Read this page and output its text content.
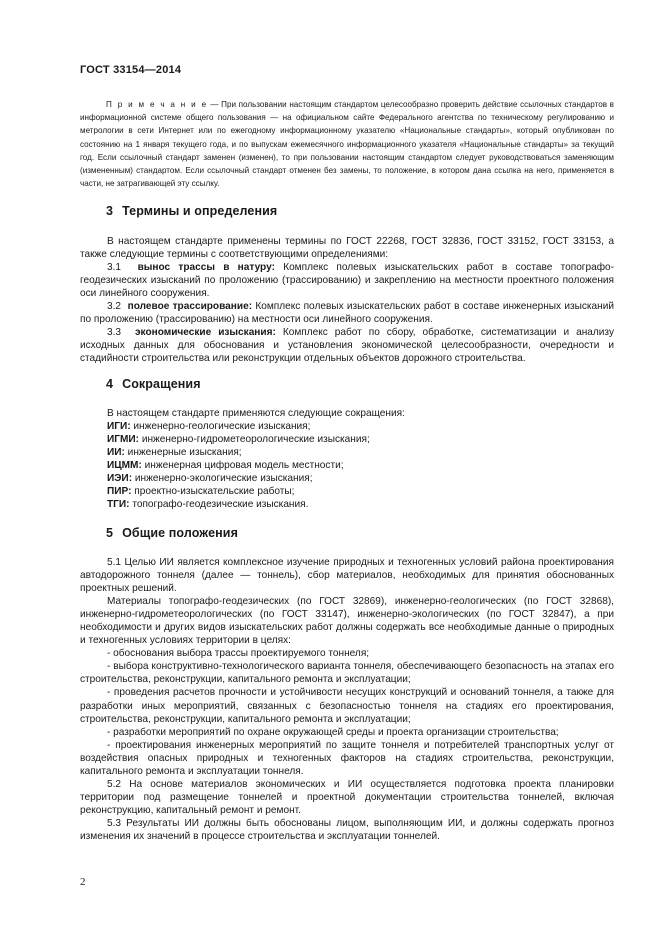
ГОСТ 33154—2014
П р и м е ч а н и е — При пользовании настоящим стандартом целесообразно проверить действие ссылочных стандартов в информационной системе общего пользования — на официальном сайте Федерального агентства по техническому регулированию и метрологии в сети Интернет или по ежегодному информационному указателю «Национальные стандарты», который опубликован по состоянию на 1 января текущего года, и по выпускам ежемесячного информационного указателя «Национальные стандарты» за текущий год. Если ссылочный стандарт заменен (изменен), то при пользовании настоящим стандартом следует руководствоваться заменяющим (измененным) стандартом. Если ссылочный стандарт отменен без замены, то положение, в котором дана ссылка на него, применяется в части, не затрагивающей эту ссылку.
3 Термины и определения

В настоящем стандарте применены термины по ГОСТ 22268, ГОСТ 32836, ГОСТ 33152, ГОСТ 33153, а также следующие термины с соответствующими определениями:

3.1 вынос трассы в натуру: Комплекс полевых изыскательских работ в составе топографо-геодезических изысканий по проложению (трассированию) и закреплению на местности проектного положения оси линейного сооружения.

3.2 полевое трассирование: Комплекс полевых изыскательских работ в составе инженерных изысканий по проложению (трассированию) на местности оси линейного сооружения.

3.3 экономические изыскания: Комплекс работ по сбору, обработке, систематизации и анализу исходных данных для обоснования и установления экономической целесообразности, очередности и стадийности строительства или реконструкции отдельных объектов дорожного строительства.

4 Сокращения

В настоящем стандарте применяются следующие сокращения:

ИГИ: инженерно-геологические изыскания;

ИГМИ: инженерно-гидрометеорологические изыскания;

ИИ: инженерные изыскания;

ИЦММ: инженерная цифровая модель местности;

ИЭИ: инженерно-экологические изыскания;

ПИР: проектно-изыскательские работы;

ТГИ: топографо-геодезические изыскания.

5 Общие положения

5.1 Целью ИИ является комплексное изучение природных и техногенных условий района проектирования автодорожного тоннеля (далее — тоннель), сбор материалов, необходимых для принятия обоснованных проектных решений.

Материалы топографо-геодезических (по ГОСТ 32869), инженерно-геологических (по ГОСТ 32868), инженерно-гидрометеорологических (по ГОСТ 33147), инженерно-экологических (по ГОСТ 32847), а при необходимости и других видов изыскательских работ должны содержать все необходимые данные о природных и техногенных условиях территории в целях:

- обоснования выбора трассы проектируемого тоннеля;

- выбора конструктивно-технологического варианта тоннеля, обеспечивающего безопасность на этапах его строительства, реконструкции, капитального ремонта и эксплуатации;

- проведения расчетов прочности и устойчивости несущих конструкций и оснований тоннеля, а также для разработки иных мероприятий, связанных с безопасностью тоннеля на стадиях его проектирования, строительства, реконструкции, капитального ремонта и эксплуатации;

- разработки мероприятий по охране окружающей среды и проекта организации строительства;

- проектирования инженерных мероприятий по защите тоннеля и потребителей транспортных услуг от воздействия опасных природных и техногенных факторов на стадиях строительства, реконструкции, капитального ремонта и эксплуатации тоннеля.

5.2 На основе материалов экономических и ИИ осуществляется подготовка проекта планировки территории под размещение тоннелей и проектной документации строительства тоннелей, включая реконструкцию, капитальный ремонт и ремонт.

5.3 Результаты ИИ должны быть обоснованы лицом, выполняющим ИИ, и должны содержать прогноз изменения их значений в процессе строительства и эксплуатации тоннелей.

2
